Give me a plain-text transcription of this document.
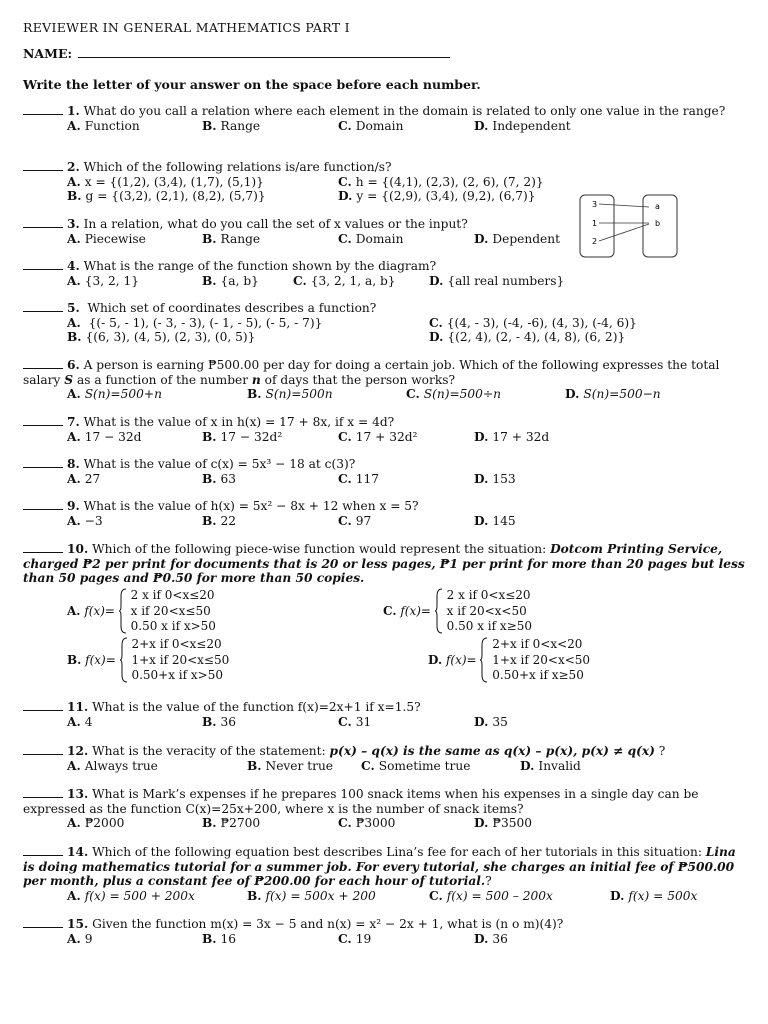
REVIEWER IN GENERAL MATHEMATICS PART I
NAME:
Write the letter of your answer on the space before each number.
1. What do you call a relation where each element in the domain is related to only one value in the range?
A. Function	B. Range	C. Domain	D. Independent
2. Which of the following relations is/are function/s?
A. x = {(1,2), (3,4), (1,7), (5,1)}	C. h = {(4,1), (2,3), (2, 6), (7, 2)}
B. g = {(3,2), (2,1), (8,2), (5,7)}	D. y = {(2,9), (3,4), (9,2), (6,7)}
3
1
2
a
b
3. In a relation, what do you call the set of x values or the input?
A. Piecewise	B. Range	C. Domain	D. Dependent
4. What is the range of the function shown by the diagram?
A. {3, 2, 1}	B. {a, b}	C. {3, 2, 1, a, b}	D. {all real numbers}
5. Which set of coordinates describes a function?
A. {(- 5, - 1), (- 3, - 3), (- 1, - 5), (- 5, - 7)}	C. {(4, - 3), (-4, -6), (4, 3), (-4, 6)}
B. {(6, 3), (4, 5), (2, 3), (0, 5)}	D. {(2, 4), (2, - 4), (4, 8), (6, 2)}
6. A person is earning ₱500.00 per day for doing a certain job. Which of the following expresses the total salary S as a function of the number n of days that the person works?
A. S(n)=500+n	B. S(n)=500n	C. S(n)=500÷n	D. S(n)=500−n
7. What is the value of x in h(x) = 17 + 8x, if x = 4d?
A. 17 − 32d	B. 17 − 32d²	C. 17 + 32d²	D. 17 + 32d
8. What is the value of c(x) = 5x³ − 18 at c(3)?
A. 27	B. 63	C. 117	D. 153
9. What is the value of h(x) = 5x² − 8x + 12 when x = 5?
A. −3	B. 22	C. 97	D. 145
10. Which of the following piece-wise function would represent the situation: Dotcom Printing Service, charged ₱2 per print for documents that is 20 or less pages, ₱1 per print for more than 20 pages but less than 50 pages and ₱0.50 for more than 50 copies.
A. f(x)=
2 x if 0<x≤20
x if 20<x≤50
0.50 x if x>50
C. f(x)=
2 x if 0<x≤20
x if 20<x<50
0.50 x if x≥50
B. f(x)=
2+x if 0<x≤20
1+x if 20<x≤50
0.50+x if x>50
D. f(x)=
2+x if 0<x<20
1+x if 20<x<50
0.50+x if x≥50
11. What is the value of the function f(x)=2x+1 if x=1.5?
A. 4	B. 36	C. 31	D. 35
12. What is the veracity of the statement: p(x) – q(x) is the same as q(x) – p(x), p(x) ≠ q(x) ?
A. Always true	B. Never true C. Sometime true	D. Invalid
13. What is Mark’s expenses if he prepares 100 snack items when his expenses in a single day can be expressed as the function C(x)=25x+200, where x is the number of snack items?
A. ₱2000	B. ₱2700	C. ₱3000	D. ₱3500
14. Which of the following equation best describes Lina’s fee for each of her tutorials in this situation: Lina is doing mathematics tutorial for a summer job. For every tutorial, she charges an initial fee of ₱500.00 per month, plus a constant fee of ₱200.00 for each hour of tutorial.?
A. f(x) = 500 + 200x	B. f(x) = 500x + 200	C. f(x) = 500 – 200x	D. f(x) = 500x
15. Given the function m(x) = 3x − 5 and n(x) = x² − 2x + 1, what is (n o m)(4)?
A. 9	B. 16	C. 19	D. 36
